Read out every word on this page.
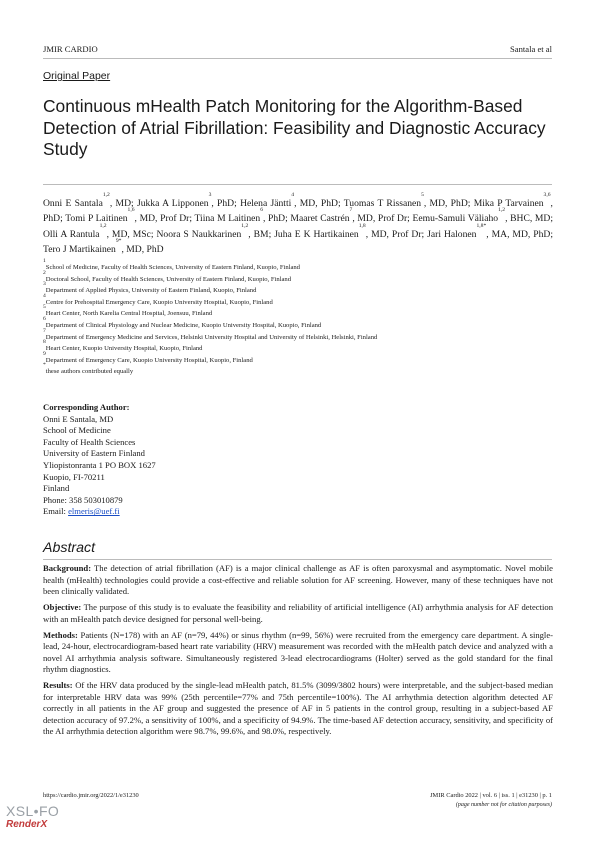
JMIR CARDIO	Santala et al
Original Paper
Continuous mHealth Patch Monitoring for the Algorithm-Based Detection of Atrial Fibrillation: Feasibility and Diagnostic Accuracy Study
Onni E Santala$^{1,2}$, MD; Jukka A Lipponen$^3$, PhD; Helena Jäntti$^4$, MD, PhD; Tuomas T Rissanen$^5$, MD, PhD; Mika P Tarvainen$^{3,6}$, PhD; Tomi P Laitinen$^{1,6}$, MD, Prof Dr; Tiina M Laitinen$^6$, PhD; Maaret Castrén$^7$, MD, Prof Dr; Eemu-Samuli Väliaho$^{1,2}$, BHC, MD; Olli A Rantula$^{1,2}$, MD, MSc; Noora S Naukkarinen$^{1,2}$, BM; Juha E K Hartikainen$^{1,8}$, MD, Prof Dr; Jari Halonen$^{1,8*}$, MA, MD, PhD; Tero J Martikainen$^{9*}$, MD, PhD
$^1$School of Medicine, Faculty of Health Sciences, University of Eastern Finland, Kuopio, Finland
$^2$Doctoral School, Faculty of Health Sciences, University of Eastern Finland, Kuopio, Finland
$^3$Department of Applied Physics, University of Eastern Finland, Kuopio, Finland
$^4$Centre for Prehospital Emergency Care, Kuopio University Hospital, Kuopio, Finland
$^5$Heart Center, North Karelia Central Hospital, Joensuu, Finland
$^6$Department of Clinical Physiology and Nuclear Medicine, Kuopio University Hospital, Kuopio, Finland
$^7$Department of Emergency Medicine and Services, Helsinki University Hospital and University of Helsinki, Helsinki, Finland
$^8$Heart Center, Kuopio University Hospital, Kuopio, Finland
$^9$Department of Emergency Care, Kuopio University Hospital, Kuopio, Finland
*these authors contributed equally
Corresponding Author:
Onni E Santala, MD
School of Medicine
Faculty of Health Sciences
University of Eastern Finland
Yliopistonranta 1 PO BOX 1627
Kuopio, FI-70211
Finland
Phone: 358 503010879
Email: elmeris@uef.fi
Abstract

Background: The detection of atrial fibrillation (AF) is a major clinical challenge as AF is often paroxysmal and asymptomatic. Novel mobile health (mHealth) technologies could provide a cost-effective and reliable solution for AF screening. However, many of these techniques have not been clinically validated.

Objective: The purpose of this study is to evaluate the feasibility and reliability of artificial intelligence (AI) arrhythmia analysis for AF detection with an mHealth patch device designed for personal well-being.

Methods: Patients (N=178) with an AF (n=79, 44%) or sinus rhythm (n=99, 56%) were recruited from the emergency care department. A single-lead, 24-hour, electrocardiogram-based heart rate variability (HRV) measurement was recorded with the mHealth patch device and analyzed with a novel AI arrhythmia analysis software. Simultaneously registered 3-lead electrocardiograms (Holter) served as the gold standard for the final rhythm diagnostics.

Results: Of the HRV data produced by the single-lead mHealth patch, 81.5% (3099/3802 hours) were interpretable, and the subject-based median for interpretable HRV data was 99% (25th percentile=77% and 75th percentile=100%). The AI arrhythmia detection algorithm detected AF correctly in all patients in the AF group and suggested the presence of AF in 5 patients in the control group, resulting in a subject-based AF detection accuracy of 97.2%, a sensitivity of 100%, and a specificity of 94.9%. The time-based AF detection accuracy, sensitivity, and specificity of the AI arrhythmia detection algorithm were 98.7%, 99.6%, and 98.0%, respectively.

https://cardio.jmir.org/2022/1/e31230	JMIR Cardio 2022 | vol. 6 | iss. 1 | e31230 | p. 1
(page number not for citation purposes)
XSL•FO
RenderX
